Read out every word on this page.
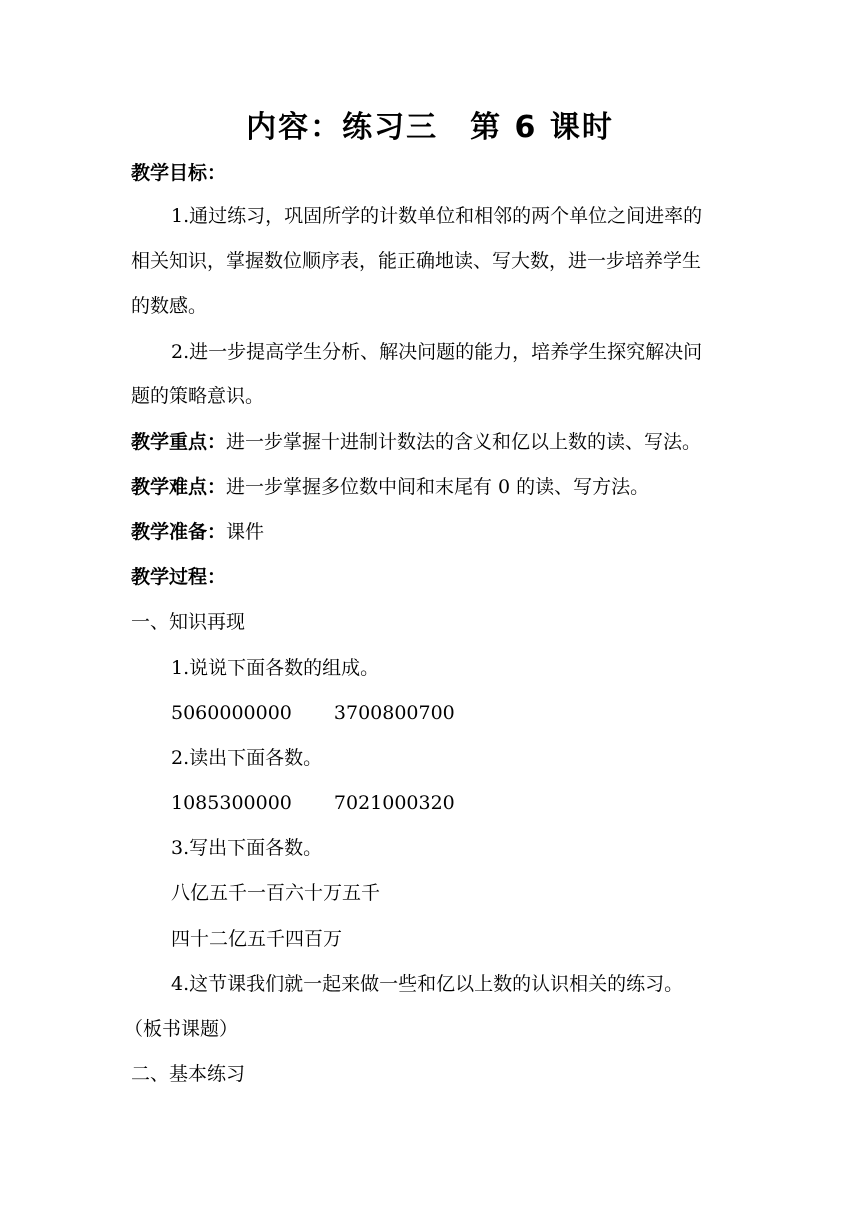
内容：练习三　第 6 课时
教学目标：
1.通过练习，巩固所学的计数单位和相邻的两个单位之间进率的
相关知识，掌握数位顺序表，能正确地读、写大数，进一步培养学生
的数感。
2.进一步提高学生分析、解决问题的能力，培养学生探究解决问
题的策略意识。
教学重点：进一步掌握十进制计数法的含义和亿以上数的读、写法。
教学难点：进一步掌握多位数中间和末尾有 0 的读、写方法。
教学准备：课件
教学过程：
一、知识再现
1.说说下面各数的组成。
5060000000 3700800700
2.读出下面各数。
1085300000 7021000320
3.写出下面各数。
八亿五千一百六十万五千
四十二亿五千四百万
4.这节课我们就一起来做一些和亿以上数的认识相关的练习。
（板书课题）
二、基本练习
